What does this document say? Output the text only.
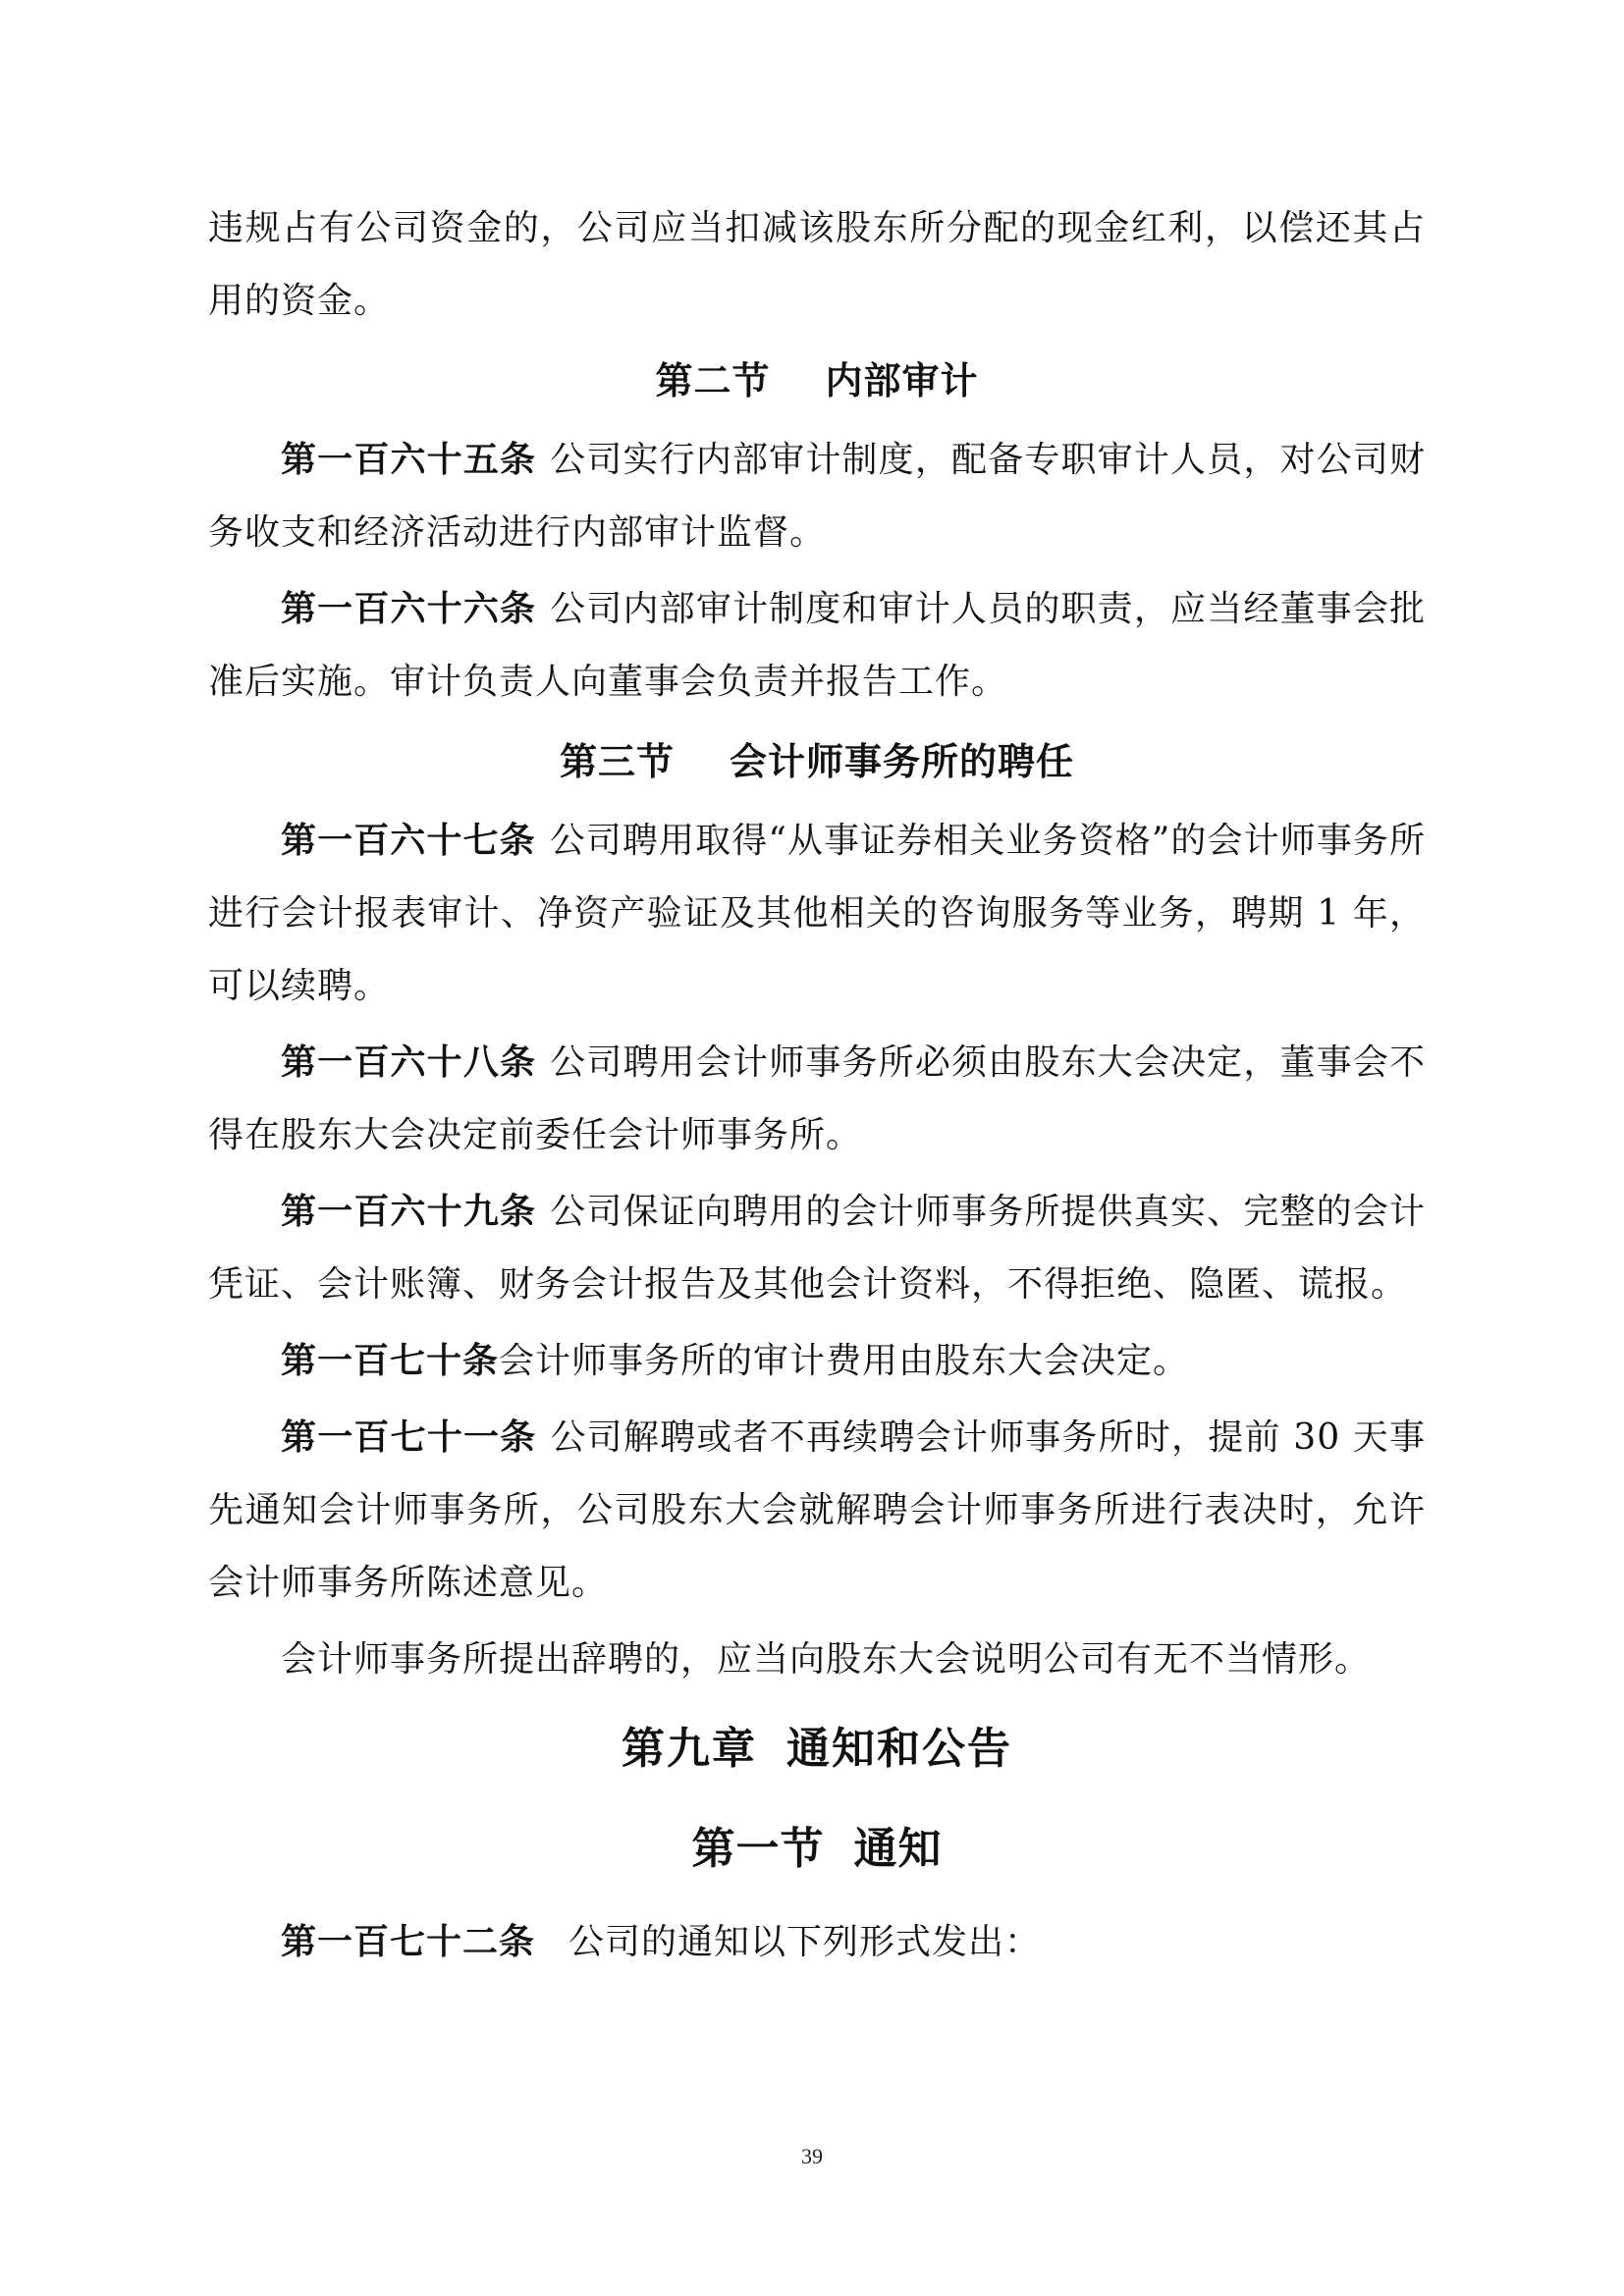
违规占有公司资金的，公司应当扣减该股东所分配的现金红利，以偿还其占用的资金。

第二节 内部审计

第一百六十五条 公司实行内部审计制度，配备专职审计人员，对公司财务收支和经济活动进行内部审计监督。

第一百六十六条 公司内部审计制度和审计人员的职责，应当经董事会批准后实施。审计负责人向董事会负责并报告工作。

第三节 会计师事务所的聘任

第一百六十七条 公司聘用取得“从事证券相关业务资格”的会计师事务所进行会计报表审计、净资产验证及其他相关的咨询服务等业务，聘期 1 年，可以续聘。

第一百六十八条 公司聘用会计师事务所必须由股东大会决定，董事会不得在股东大会决定前委任会计师事务所。

第一百六十九条 公司保证向聘用的会计师事务所提供真实、完整的会计凭证、会计账簿、财务会计报告及其他会计资料，不得拒绝、隐匿、谎报。

第一百七十条会计师事务所的审计费用由股东大会决定。

第一百七十一条 公司解聘或者不再续聘会计师事务所时，提前 30 天事先通知会计师事务所，公司股东大会就解聘会计师事务所进行表决时，允许会计师事务所陈述意见。

会计师事务所提出辞聘的，应当向股东大会说明公司有无不当情形。

第九章 通知和公告
第一节 通知

第一百七十二条 公司的通知以下列形式发出：

39
